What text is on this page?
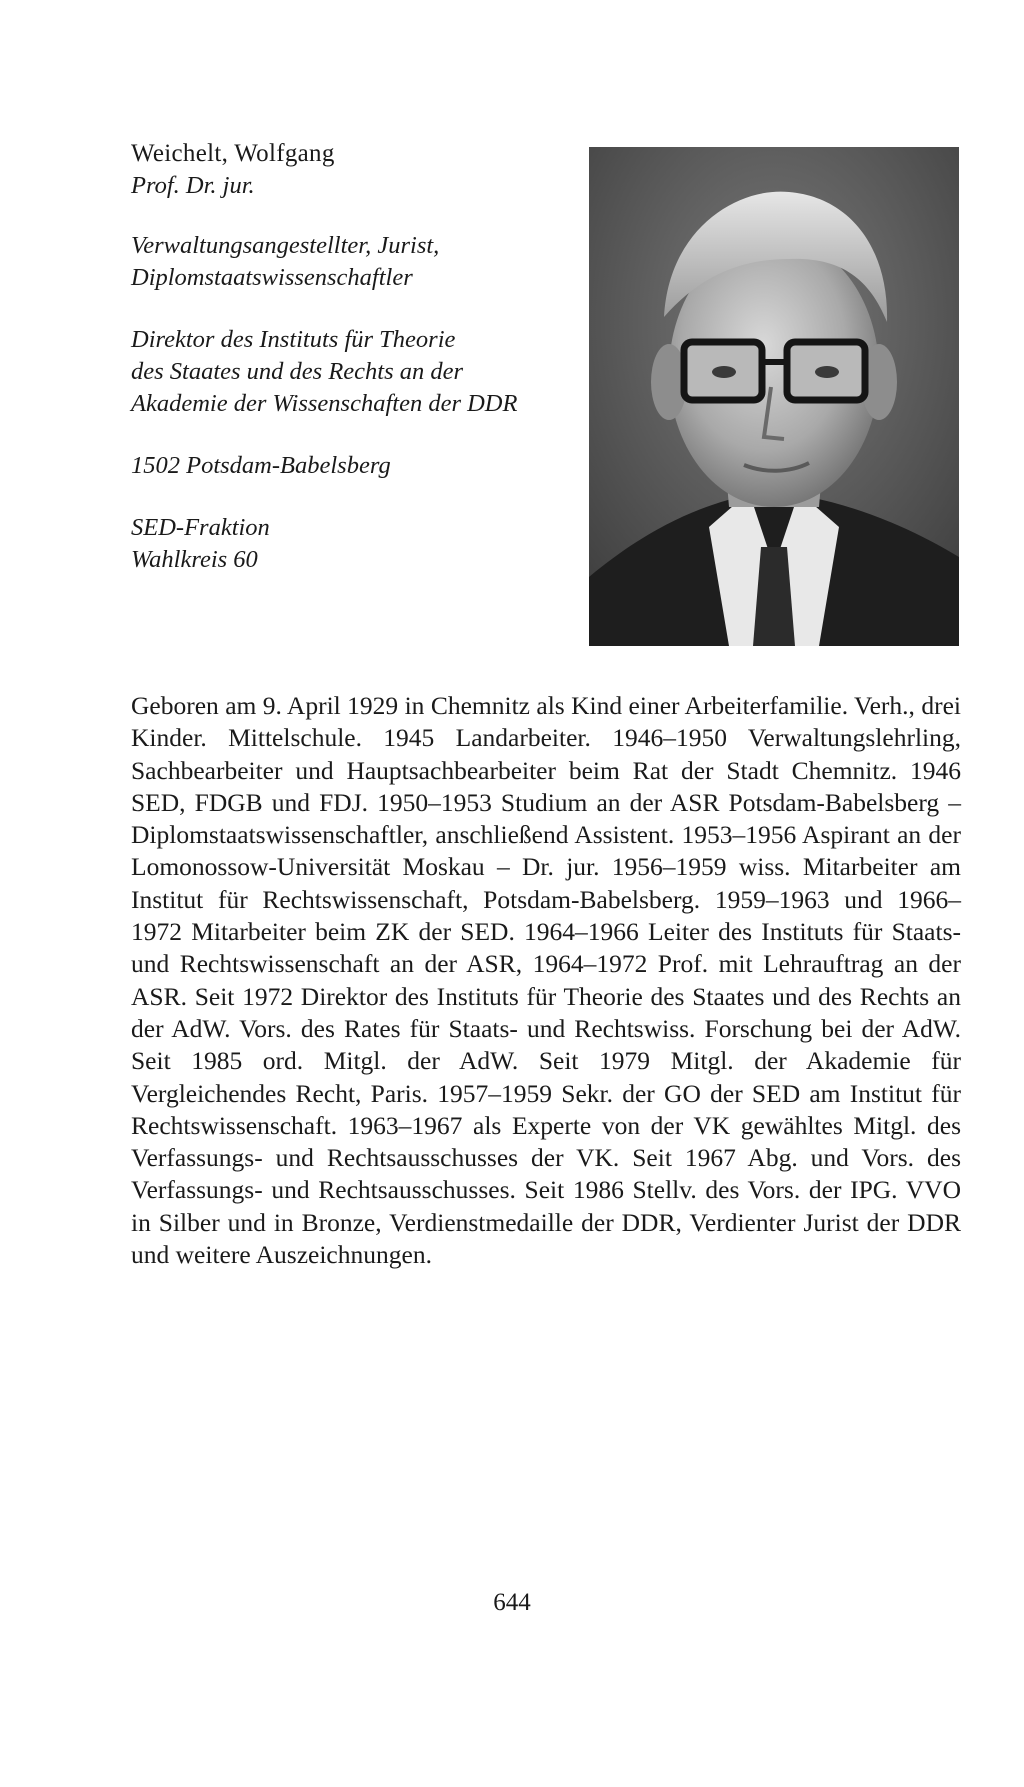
Weichelt, Wolfgang

Prof. Dr. jur.

Verwaltungsangestellter, Jurist,

Diplomstaatswissenschaftler

Direktor des Instituts für Theorie

des Staates und des Rechts an der

Akademie der Wissenschaften der DDR

1502 Potsdam-Babelsberg

SED-Fraktion

Wahlkreis 60

Geboren am 9. April 1929 in Chemnitz als Kind einer Arbeiterfamilie. Verh., drei Kinder. Mittelschule. 1945 Landarbeiter. 1946–1950 Verwaltungslehrling, Sachbearbeiter und Hauptsachbearbeiter beim Rat der Stadt Chemnitz. 1946 SED, FDGB und FDJ. 1950–1953 Studium an der ASR Potsdam-Babelsberg – Diplomstaatswissenschaftler, anschließend Assistent. 1953–1956 Aspirant an der Lomonossow-Universität Moskau – Dr. jur. 1956–1959 wiss. Mitarbeiter am Institut für Rechtswissenschaft, Potsdam-Babelsberg. 1959–1963 und 1966–1972 Mitarbeiter beim ZK der SED. 1964–1966 Leiter des Instituts für Staats- und Rechtswissenschaft an der ASR, 1964–1972 Prof. mit Lehrauftrag an der ASR. Seit 1972 Direktor des Instituts für Theorie des Staates und des Rechts an der AdW. Vors. des Rates für Staats- und Rechtswiss. Forschung bei der AdW. Seit 1985 ord. Mitgl. der AdW. Seit 1979 Mitgl. der Akademie für Vergleichendes Recht, Paris. 1957–1959 Sekr. der GO der SED am Institut für Rechtswissenschaft. 1963–1967 als Experte von der VK gewähltes Mitgl. des Verfassungs- und Rechtsausschusses der VK. Seit 1967 Abg. und Vors. des Verfassungs- und Rechtsausschusses. Seit 1986 Stellv. des Vors. der IPG. VVO in Silber und in Bronze, Verdienstmedaille der DDR, Verdienter Jurist der DDR und weitere Auszeichnungen.

644
